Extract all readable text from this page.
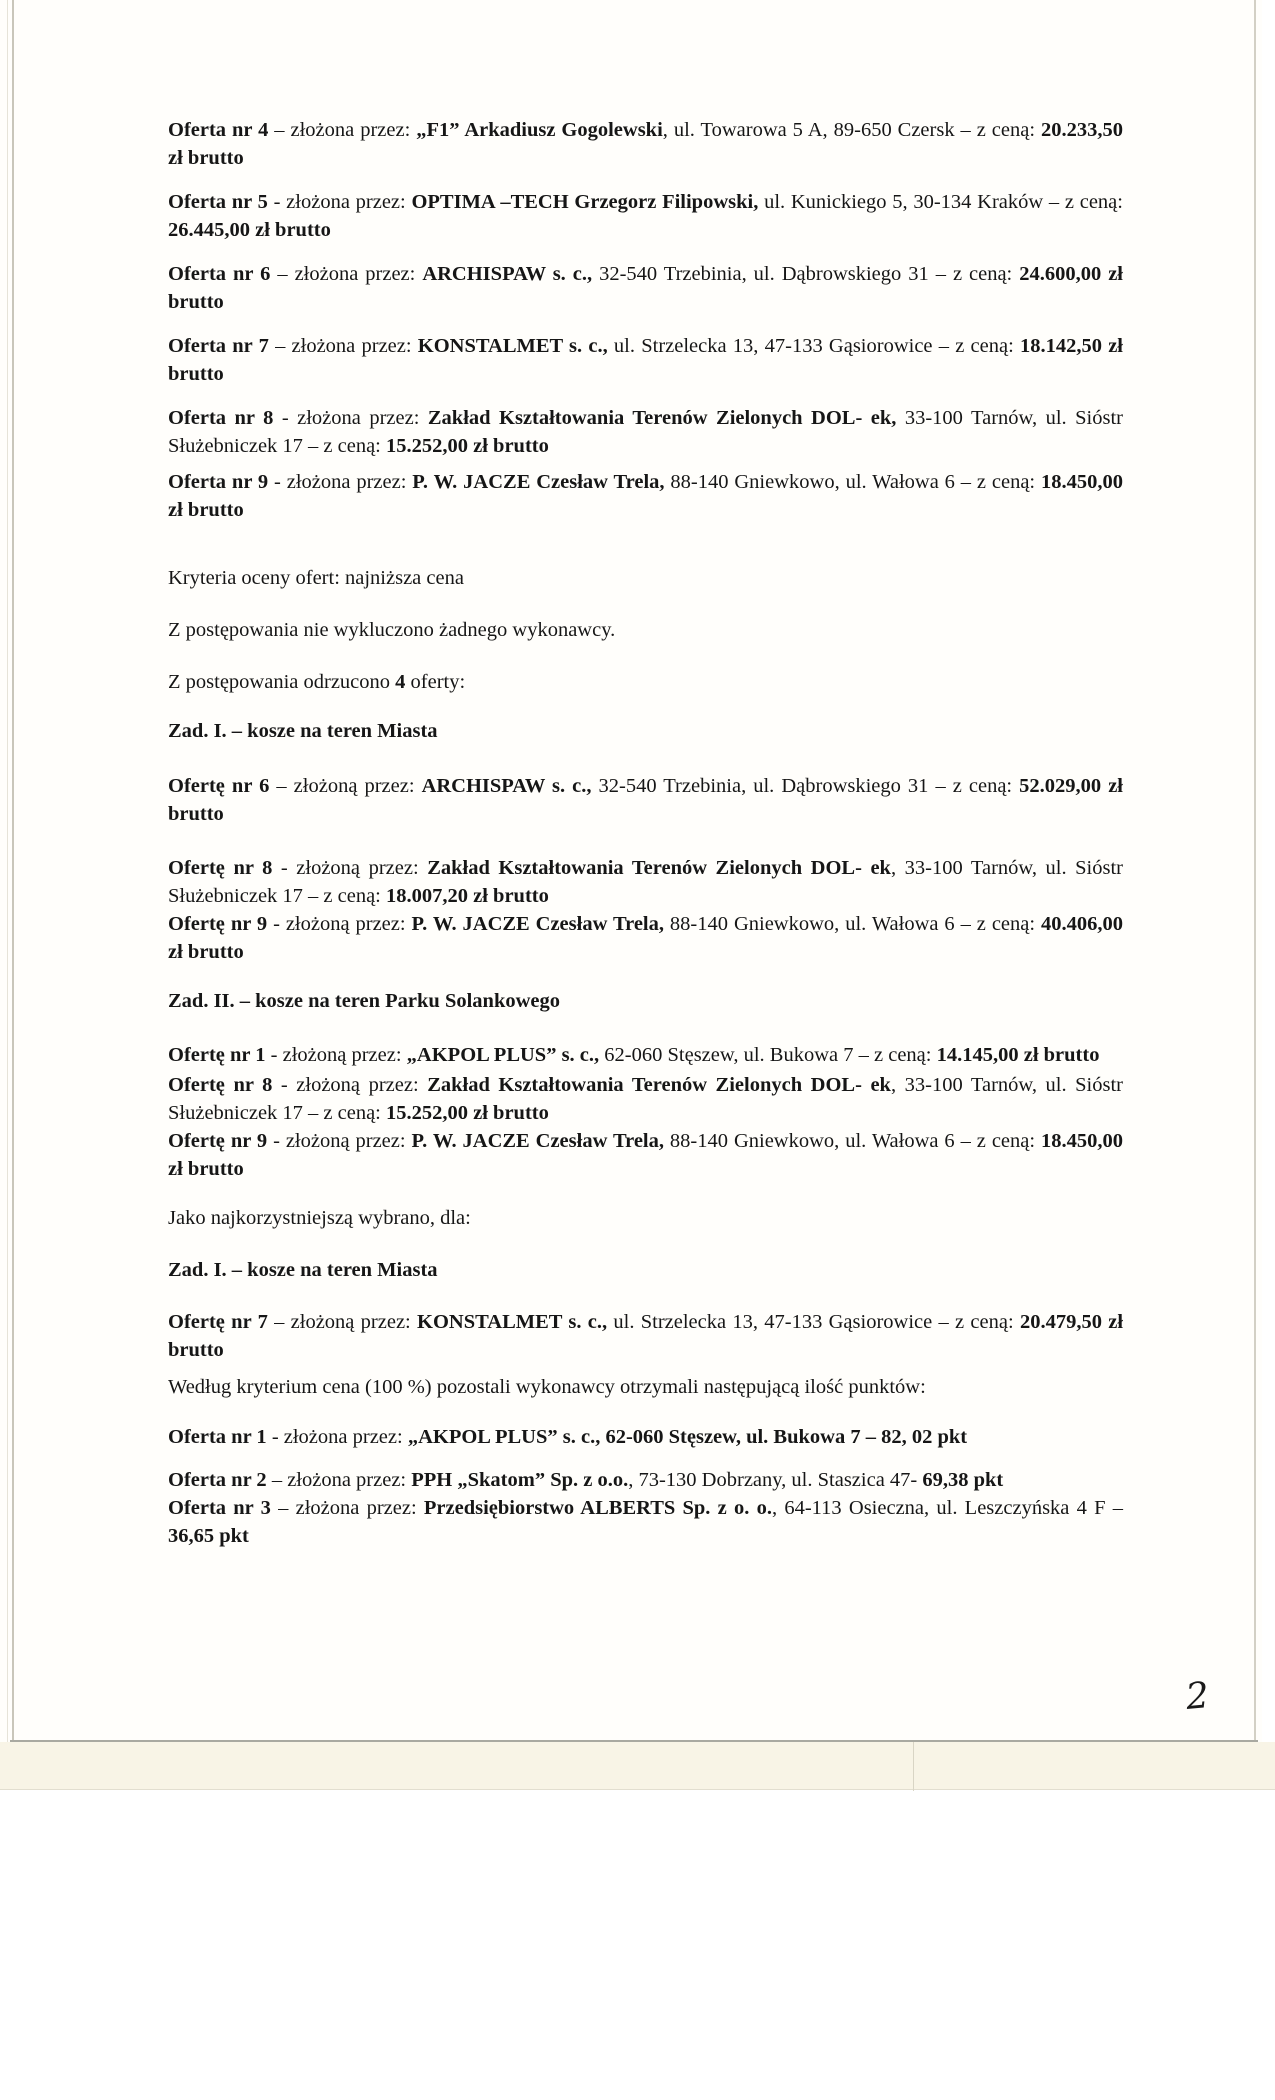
Oferta nr 4 – złożona przez: „F1” Arkadiusz Gogolewski, ul. Towarowa 5 A, 89-650 Czersk – z ceną: 20.233,50 zł brutto

Oferta nr 5 - złożona przez: OPTIMA –TECH Grzegorz Filipowski, ul. Kunickiego 5, 30-134 Kraków – z ceną: 26.445,00 zł brutto

Oferta nr 6 – złożona przez: ARCHISPAW s. c., 32-540 Trzebinia, ul. Dąbrowskiego 31 – z ceną: 24.600,00 zł brutto

Oferta nr 7 – złożona przez: KONSTALMET s. c., ul. Strzelecka 13, 47-133 Gąsiorowice – z ceną: 18.142,50 zł brutto

Oferta nr 8 - złożona przez: Zakład Kształtowania Terenów Zielonych DOL- ek, 33-100 Tarnów, ul. Sióstr Służebniczek 17 – z ceną: 15.252,00 zł brutto

Oferta nr 9 - złożona przez: P. W. JACZE Czesław Trela, 88-140 Gniewkowo, ul. Wałowa 6 – z ceną: 18.450,00 zł brutto

Kryteria oceny ofert: najniższa cena

Z postępowania nie wykluczono żadnego wykonawcy.

Z postępowania odrzucono 4 oferty:

Zad. I. – kosze na teren Miasta

Ofertę nr 6 – złożoną przez: ARCHISPAW s. c., 32-540 Trzebinia, ul. Dąbrowskiego 31 – z ceną: 52.029,00 zł brutto

Ofertę nr 8 - złożoną przez: Zakład Kształtowania Terenów Zielonych DOL- ek, 33-100 Tarnów, ul. Sióstr Służebniczek 17 – z ceną: 18.007,20 zł brutto

Ofertę nr 9 - złożoną przez: P. W. JACZE Czesław Trela, 88-140 Gniewkowo, ul. Wałowa 6 – z ceną: 40.406,00 zł brutto

Zad. II. – kosze na teren Parku Solankowego

Ofertę nr 1 - złożoną przez: „AKPOL PLUS” s. c., 62-060 Stęszew, ul. Bukowa 7 – z ceną: 14.145,00 zł brutto

Ofertę nr 8 - złożoną przez: Zakład Kształtowania Terenów Zielonych DOL- ek, 33-100 Tarnów, ul. Sióstr Służebniczek 17 – z ceną: 15.252,00 zł brutto

Ofertę nr 9 - złożoną przez: P. W. JACZE Czesław Trela, 88-140 Gniewkowo, ul. Wałowa 6 – z ceną: 18.450,00 zł brutto

Jako najkorzystniejszą wybrano, dla:

Zad. I. – kosze na teren Miasta

Ofertę nr 7 – złożoną przez: KONSTALMET s. c., ul. Strzelecka 13, 47-133 Gąsiorowice – z ceną: 20.479,50 zł brutto

Według kryterium cena (100 %) pozostali wykonawcy otrzymali następującą ilość punktów:

Oferta nr 1 - złożona przez: „AKPOL PLUS” s. c., 62-060 Stęszew, ul. Bukowa 7 – 82, 02 pkt

Oferta nr 2 – złożona przez: PPH „Skatom” Sp. z o.o., 73-130 Dobrzany, ul. Staszica 47- 69,38 pkt

Oferta nr 3 – złożona przez: Przedsiębiorstwo ALBERTS Sp. z o. o., 64-113 Osieczna, ul. Leszczyńska 4 F – 36,65 pkt

2
